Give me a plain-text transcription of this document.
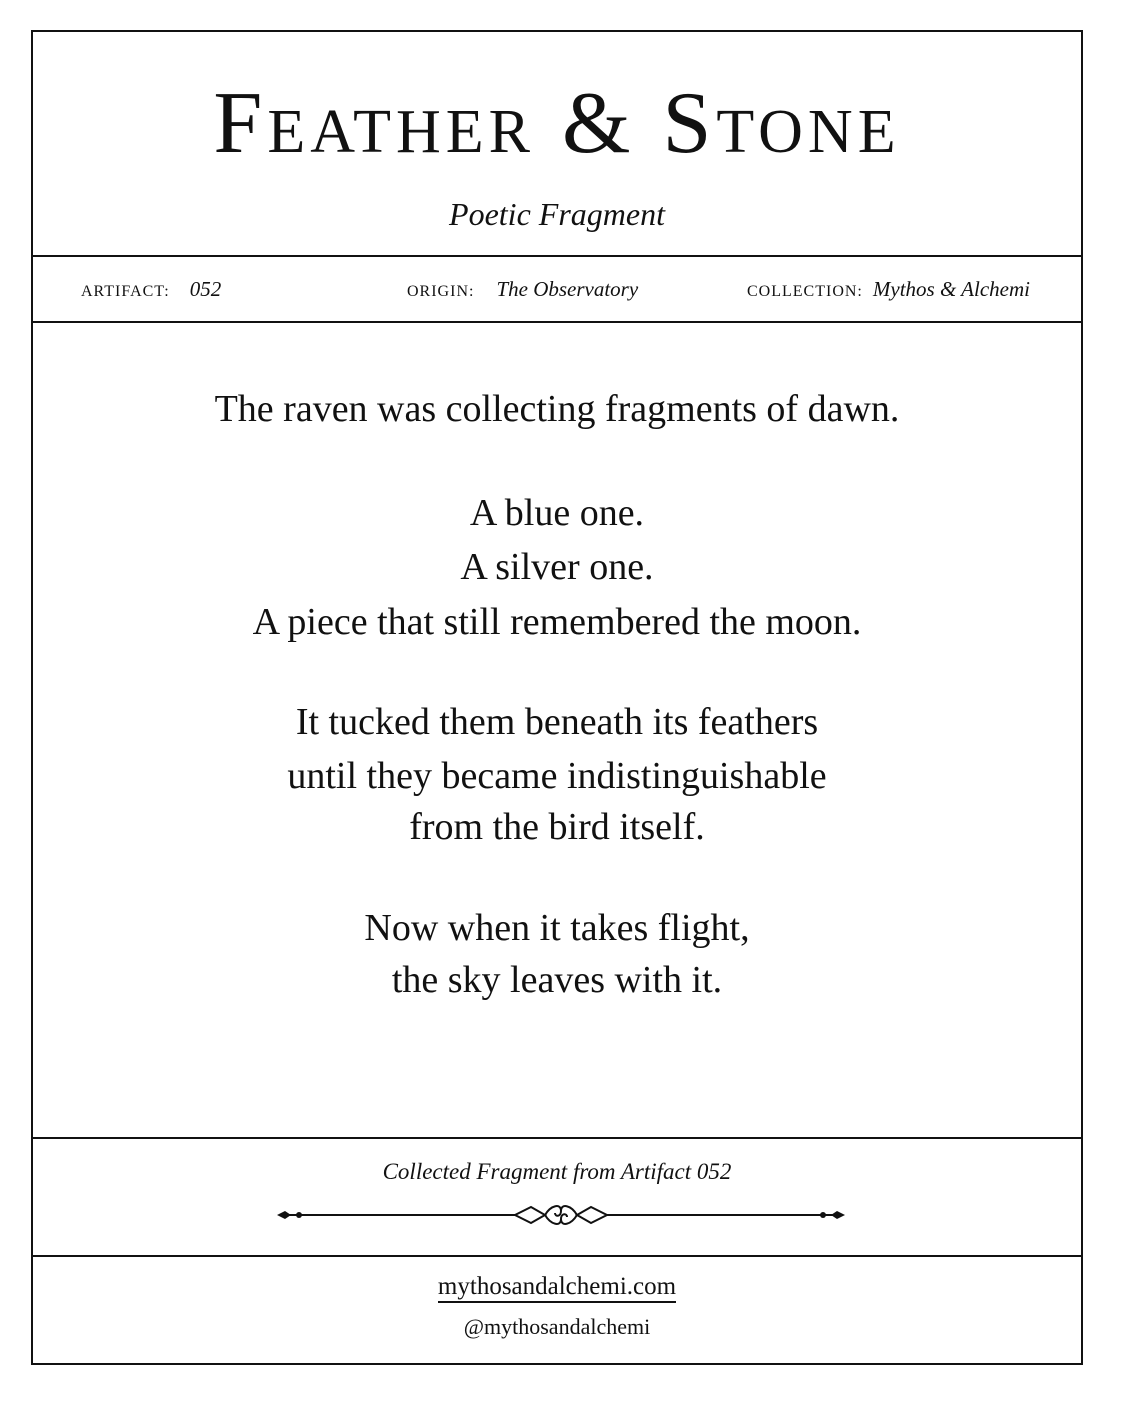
Feather & Stone
Poetic Fragment
ARTIFACT: 052	ORIGIN: The Observatory	COLLECTION: Mythos & Alchemi
The raven was collecting fragments of dawn.
A blue one.
A silver one.
A piece that still remembered the moon.
It tucked them beneath its feathers
until they became indistinguishable
from the bird itself.
Now when it takes flight,
the sky leaves with it.
Collected Fragment from Artifact 052
mythosandalchemi.com
@mythosandalchemi
